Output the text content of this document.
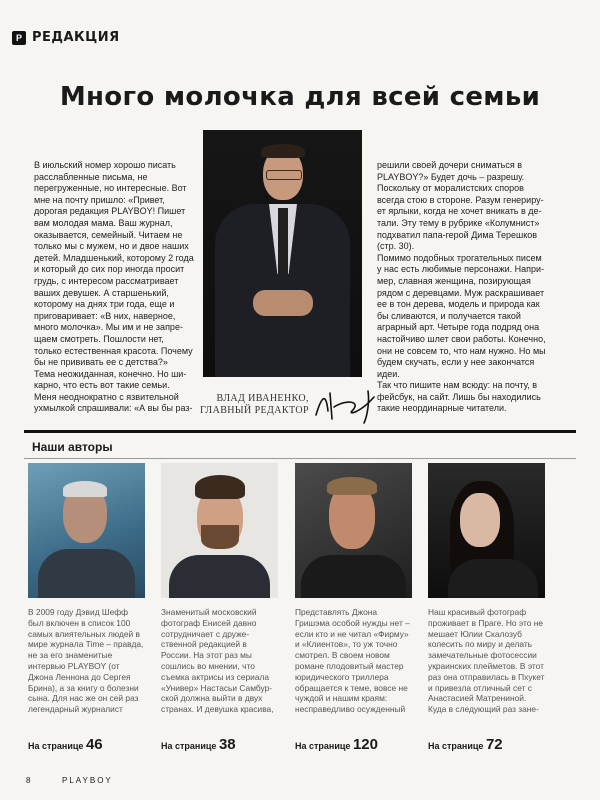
P РЕДАКЦИЯ
Много молочка для всей семьи

В июльский номер хорошо писать расслабленные письма, не перегруженные, но интересные. Вот мне на почту пришло: «Привет, дорогая редакция PLAYBOY! Пишет вам молодая мама. Ваш журнал, оказывается, семейный. Читаем не только мы с мужем, но и двое наших детей. Младшенький, которому 2 года и который до сих пор иногда просит грудь, с интересом рассматривает ваших девушек. А старшенький, которому на днях три года, еще и приговаривает: «В них, наверное, много молочка». Мы им и не запрещаем смотреть. Пошлости нет, только естественная красота. Почему бы не прививать ее с детства?»

Тема неожиданная, конечно. Но шикарно, что есть вот такие семьи.

Меня неоднократно с язвительной ухмылкой спрашивали: «А вы бы раз-

решили своей дочери сниматься в PLAYBOY?» Будет дочь – разрешу. Поскольку от моралистских споров всегда стою в стороне. Разум генерирует ярлыки, когда не хочет вникать в детали. Эту тему в рубрике «Колумнист» подхватил папа-герой Дима Терешков (стр. 30).

Помимо подобных трогательных писем у нас есть любимые персонажи. Например, славная женщина, позирующая рядом с деревцами. Муж раскрашивает ее в тон дерева, модель и природа как бы сливаются, и получается такой аграрный арт. Четыре года подряд она настойчиво шлет свои работы. Конечно, они не совсем то, что нам нужно. Но мы будем скучать, если у нее закончатся идеи.

Так что пишите нам всюду: на почту, в фейсбук, на сайт. Лишь бы находились такие неординарные читатели.

ВЛАД ИВАНЕНКО,
ГЛАВНЫЙ РЕДАКТОР
Наши авторы
В 2009 году Дэвид Шефф был включен в список 100 самых влиятельных людей в мире журнала Time – правда, не за его знаменитые интервью PLAYBOY (от Джона Леннона до Сергея Брина), а за книгу о болезни сына. Для нас же он сей раз легендарный журналист
На странице 46
Знаменитый московский фотограф Енисей давно сотрудничает с дружественной редакцией в России. На этот раз мы сошлись во мнении, что съемка актрисы из сериала «Универ» Настасьи Самбурской должна выйти в двух странах. И девушка красива,
На странице 38
Представлять Джона Гришэма особой нужды нет – если кто и не читал «Фирму» и «Клиентов», то уж точно смотрел. В своем новом романе плодовитый мастер юридического триллера обращается к теме, вовсе не чуждой и нашим краям: несправедливо осужденный
На странице 120
Наш красивый фотограф проживает в Праге. Но это не мешает Юлии Скалозуб колесить по миру и делать замечательные фотосессии украинских плейметов. В этот раз она отправилась в Пхукет и привезла отличный сет с Анастасией Матрениной. Куда в следующий раз зане
На странице 72
8	PLAYBOY
